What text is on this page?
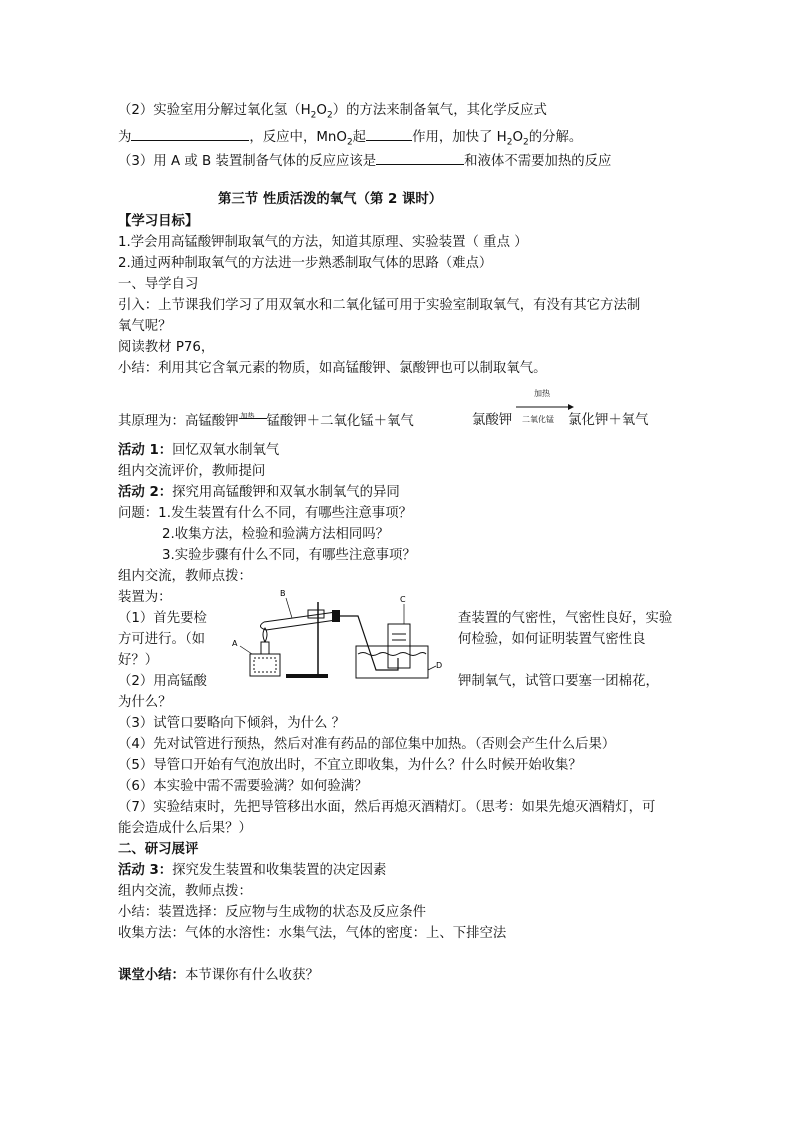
（2）实验室用分解过氧化氢$(H_2O_2)$的方法来制备氧气，其化学反应式
为	，反应中，MnO$_2$起	作用，加快了 $H_2O_2$的分解。
（3）用 A 或 B 装置制备气体的反应应该是	和液体不需要加热的反应
第三节 性质活泼的氧气（第 2 课时）
【学习目标】
1.学会用高锰酸钾制取氧气的方法，知道其原理、实验装置（ 重点 ）
2.通过两种制取氧气的方法进一步熟悉制取气体的思路（难点）
一、导学自习
引入：上节课我们学习了用双氧水和二氧化锰可用于实验室制取氧气，有没有其它方法制
氧气呢？
阅读教材 P76，
小结：利用其它含氧元素的物质，如高锰酸钾、氯酸钾也可以制取氧气。
其原理为：高锰酸钾 加热 锰酸钾＋二氧化锰＋氧气	氯酸钾	氯化钾＋氧气
加热
二氧化锰
活动 1：回忆双氧水制氧气
组内交流评价，教师提问
活动 2：探究用高锰酸钾和双氧水制氧气的异同
问题：1.发生装置有什么不同，有哪些注意事项？
2.收集方法，检验和验满方法相同吗？
3.实验步骤有什么不同，有哪些注意事项？
组内交流，教师点拨：
装置为：
（1）首先要检	查装置的气密性，气密性良好，实验
方可进行。（如	何检验，如何证明装置气密性良
好？）
（2）用高锰酸	钾制氧气，试管口要塞一团棉花，
为什么？
B
C
A
D
（3）试管口要略向下倾斜，为什么 ？
（4）先对试管进行预热，然后对准有药品的部位集中加热。（否则会产生什么后果）
（5）导管口开始有气泡放出时，不宜立即收集，为什么？什么时候开始收集？
（6）本实验中需不需要验满？如何验满？
（7）实验结束时，先把导管移出水面，然后再熄灭酒精灯。（思考：如果先熄灭酒精灯，可
能会造成什么后果？）
二、研习展评
活动 3：探究发生装置和收集装置的决定因素
组内交流，教师点拨：
小结：装置选择：反应物与生成物的状态及反应条件
收集方法：气体的水溶性：水集气法，气体的密度：上、下排空法
课堂小结：本节课你有什么收获？
